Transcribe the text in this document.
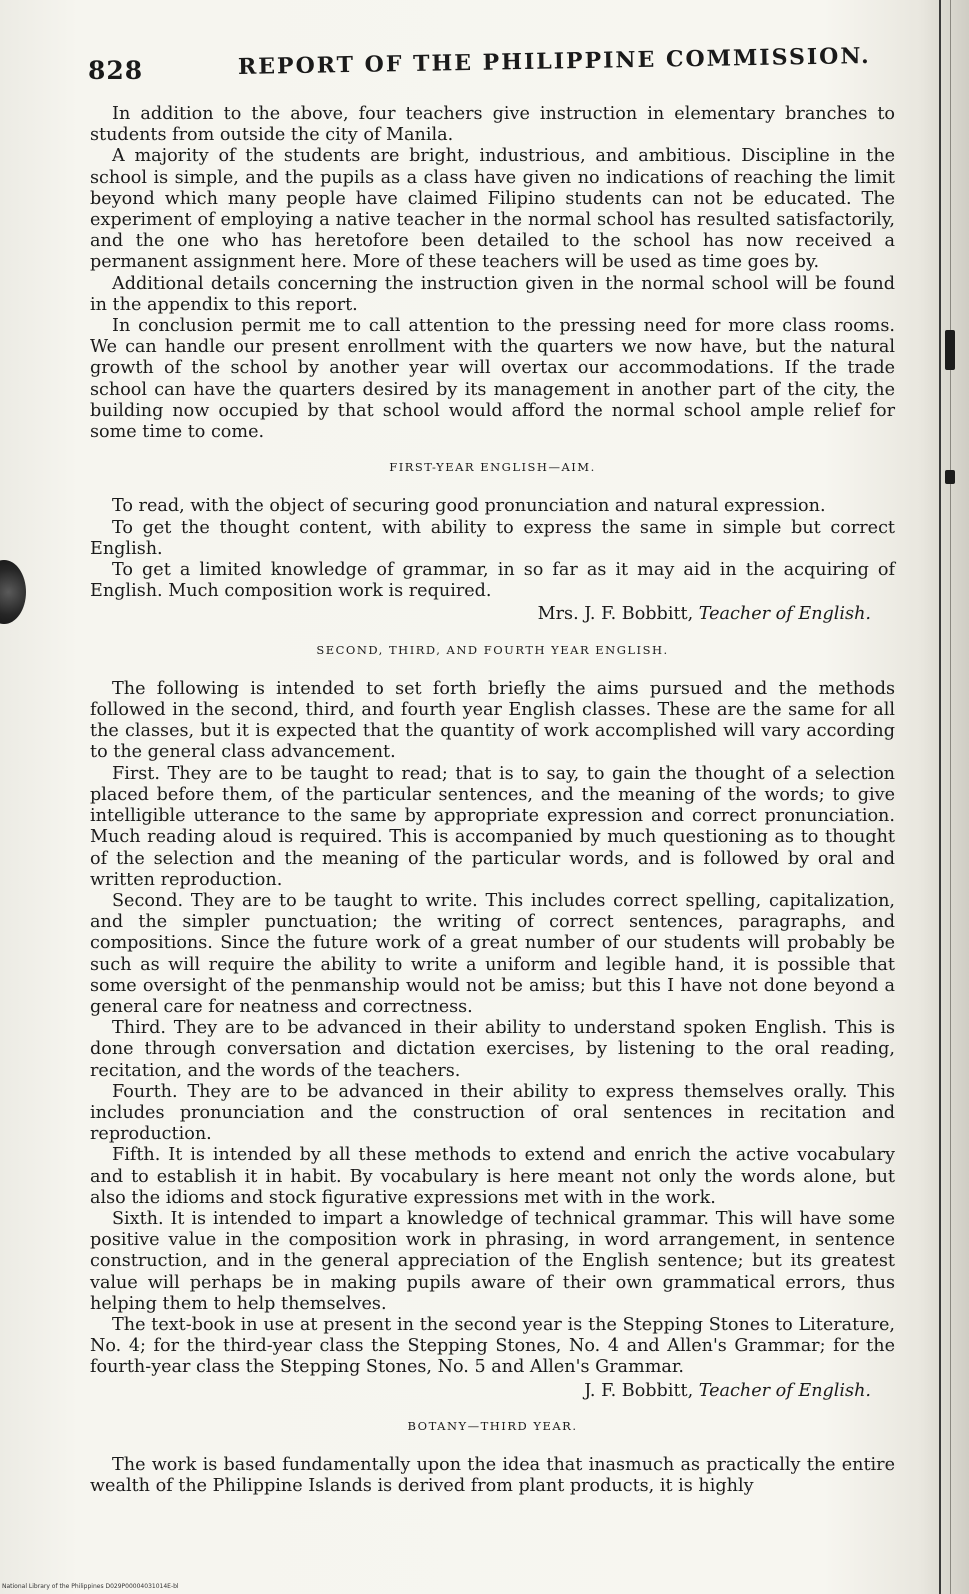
828	REPORT OF THE PHILIPPINE COMMISSION.

In addition to the above, four teachers give instruction in elementary branches to students from outside the city of Manila.

A majority of the students are bright, industrious, and ambitious. Discipline in the school is simple, and the pupils as a class have given no indications of reaching the limit beyond which many people have claimed Filipino students can not be educated. The experiment of employing a native teacher in the normal school has resulted satisfactorily, and the one who has heretofore been detailed to the school has now received a permanent assignment here. More of these teachers will be used as time goes by.

Additional details concerning the instruction given in the normal school will be found in the appendix to this report.

In conclusion permit me to call attention to the pressing need for more class rooms. We can handle our present enrollment with the quarters we now have, but the natural growth of the school by another year will overtax our accommodations. If the trade school can have the quarters desired by its management in another part of the city, the building now occupied by that school would afford the normal school ample relief for some time to come.

FIRST-YEAR ENGLISH—AIM.

To read, with the object of securing good pronunciation and natural expression.

To get the thought content, with ability to express the same in simple but correct English.

To get a limited knowledge of grammar, in so far as it may aid in the acquiring of English. Much composition work is required.

Mrs. J. F. Bobbitt, Teacher of English.
SECOND, THIRD, AND FOURTH YEAR ENGLISH.

The following is intended to set forth briefly the aims pursued and the methods followed in the second, third, and fourth year English classes. These are the same for all the classes, but it is expected that the quantity of work accomplished will vary according to the general class advancement.

First. They are to be taught to read; that is to say, to gain the thought of a selection placed before them, of the particular sentences, and the meaning of the words; to give intelligible utterance to the same by appropriate expression and correct pronunciation. Much reading aloud is required. This is accompanied by much questioning as to thought of the selection and the meaning of the particular words, and is followed by oral and written reproduction.

Second. They are to be taught to write. This includes correct spelling, capitalization, and the simpler punctuation; the writing of correct sentences, paragraphs, and compositions. Since the future work of a great number of our students will probably be such as will require the ability to write a uniform and legible hand, it is possible that some oversight of the penmanship would not be amiss; but this I have not done beyond a general care for neatness and correctness.

Third. They are to be advanced in their ability to understand spoken English. This is done through conversation and dictation exercises, by listening to the oral reading, recitation, and the words of the teachers.

Fourth. They are to be advanced in their ability to express themselves orally. This includes pronunciation and the construction of oral sentences in recitation and reproduction.

Fifth. It is intended by all these methods to extend and enrich the active vocabulary and to establish it in habit. By vocabulary is here meant not only the words alone, but also the idioms and stock figurative expressions met with in the work.

Sixth. It is intended to impart a knowledge of technical grammar. This will have some positive value in the composition work in phrasing, in word arrangement, in sentence construction, and in the general appreciation of the English sentence; but its greatest value will perhaps be in making pupils aware of their own grammatical errors, thus helping them to help themselves.

The text-book in use at present in the second year is the Stepping Stones to Literature, No. 4; for the third-year class the Stepping Stones, No. 4 and Allen's Grammar; for the fourth-year class the Stepping Stones, No. 5 and Allen's Grammar.

J. F. Bobbitt, Teacher of English.
BOTANY—THIRD YEAR.

The work is based fundamentally upon the idea that inasmuch as practically the entire wealth of the Philippine Islands is derived from plant products, it is highly

National Library of the Philippines D029P00004031014E-bl
